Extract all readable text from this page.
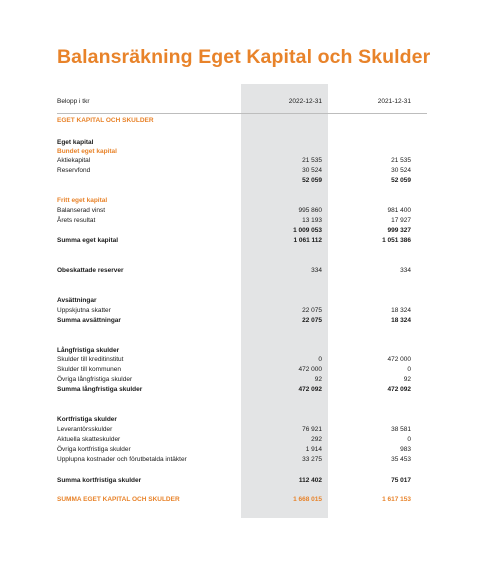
Balansräkning Eget Kapital och Skulder
Belopp i tkr	2022-12-31	2021-12-31
EGET KAPITAL OCH SKULDER
Eget kapital
Bundet eget kapital
Aktiekapital	21 535	21 535
Reservfond	30 524	30 524
52 059	52 059
Fritt eget kapital
Balanserad vinst	995 860	981 400
Årets resultat	13 193	17 927
1 009 053	999 327
Summa eget kapital	1 061 112	1 051 386
Obeskattade reserver	334	334
Avsättningar
Uppskjutna skatter	22 075	18 324
Summa avsättningar	22 075	18 324
Långfristiga skulder
Skulder till kreditinstitut	0	472 000
Skulder till kommunen	472 000	0
Övriga långfristiga skulder	92	92
Summa långfristiga skulder	472 092	472 092
Kortfristiga skulder
Leverantörsskulder	76 921	38 581
Aktuella skatteskulder	292	0
Övriga kortfristiga skulder	1 914	983
Upplupna kostnader och förutbetalda intäkter	33 275	35 453
Summa kortfristiga skulder	112 402	75 017
SUMMA EGET KAPITAL OCH SKULDER	1 668 015	1 617 153
